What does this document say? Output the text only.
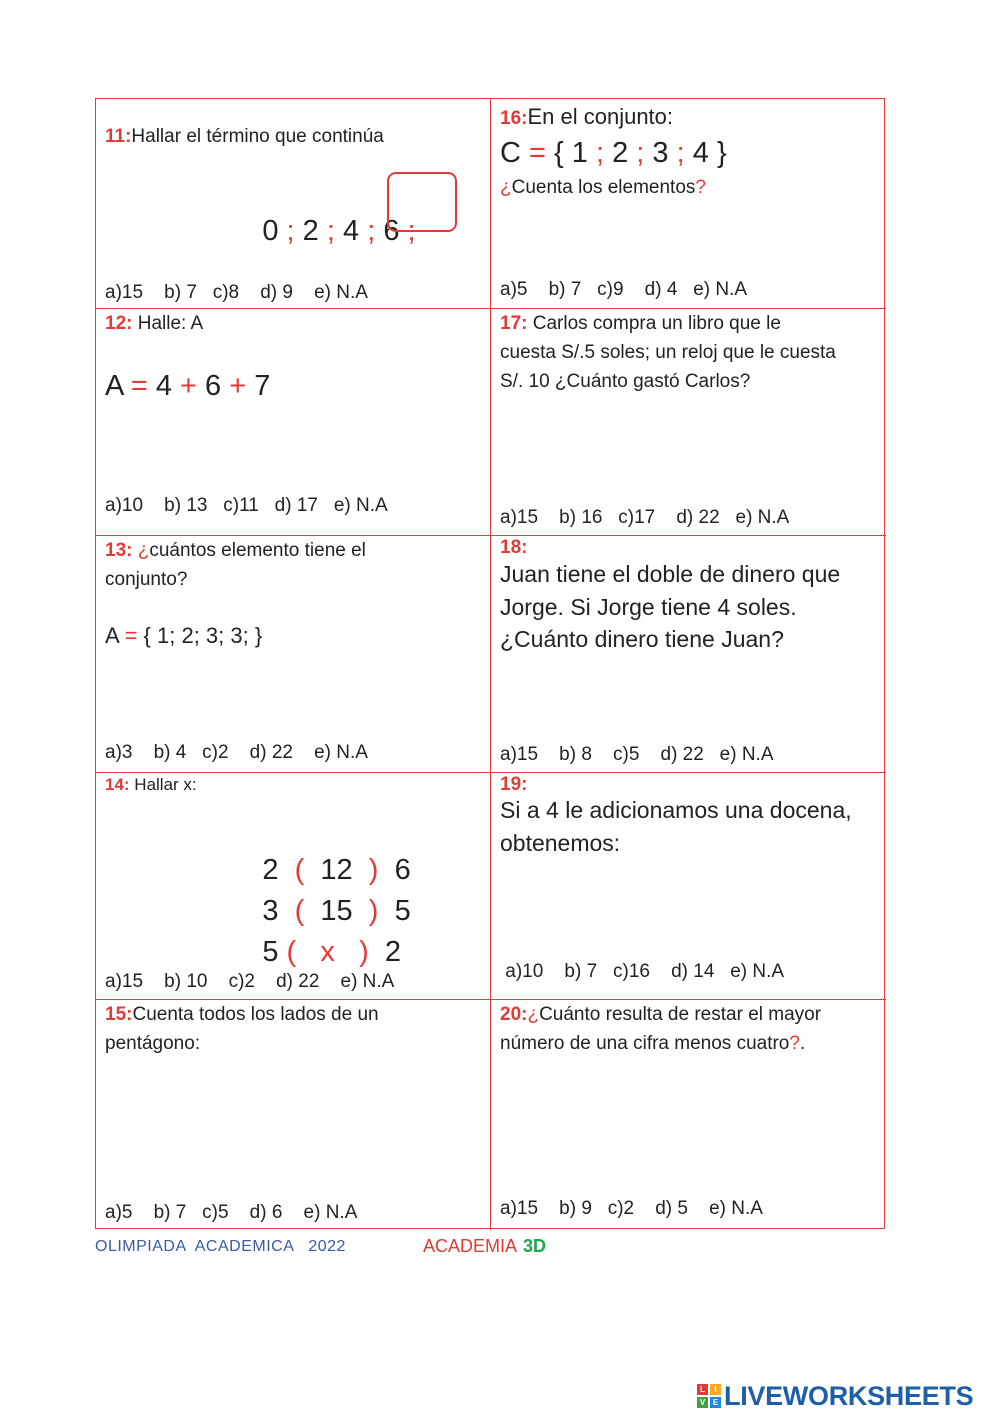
11:Hallar el término que continúa

0 ; 2 ; 4 ; 6 ;

a)15    b) 7   c)8    d) 9    e) N.A
16:En el conjunto:
C = { 1 ; 2 ; 3 ; 4 }
¿Cuenta los elementos?
a)5    b) 7   c)9    d) 4   e) N.A
12: Halle: A
A = 4 + 6 + 7
a)10    b) 13   c)11   d) 17   e) N.A
17: Carlos compra un libro que le
cuesta S/.5 soles; un reloj que le cuesta
S/. 10 ¿Cuánto gastó Carlos?
a)15    b) 16   c)17    d) 22   e) N.A
13: ¿cuántos elemento tiene el
conjunto?
A = { 1; 2; 3; 3; }
a)3    b) 4   c)2    d) 22    e) N.A
18:
Juan tiene el doble de dinero que
Jorge. Si Jorge tiene 4 soles.
¿Cuánto dinero tiene Juan?
a)15    b) 8    c)5    d) 22   e) N.A
14: Hallar x:

2 ( 12 ) 6

3 ( 15 ) 5

5 ( x ) 2

a)15    b) 10    c)2    d) 22    e) N.A
19:
Si a 4 le adicionamos una docena,
obtenemos:
a)10    b) 7   c)16    d) 14   e) N.A
15:Cuenta todos los lados de un
pentágono:
a)5    b) 7   c)5    d) 6    e) N.A
20:¿Cuánto resulta de restar el mayor
número de una cifra menos cuatro?.
a)15    b) 9   c)2    d) 5    e) N.A
OLIMPIADA  ACADEMICA   2022	ACADEMIA 3D
L	I
V E LIVEWORKSHEETS
